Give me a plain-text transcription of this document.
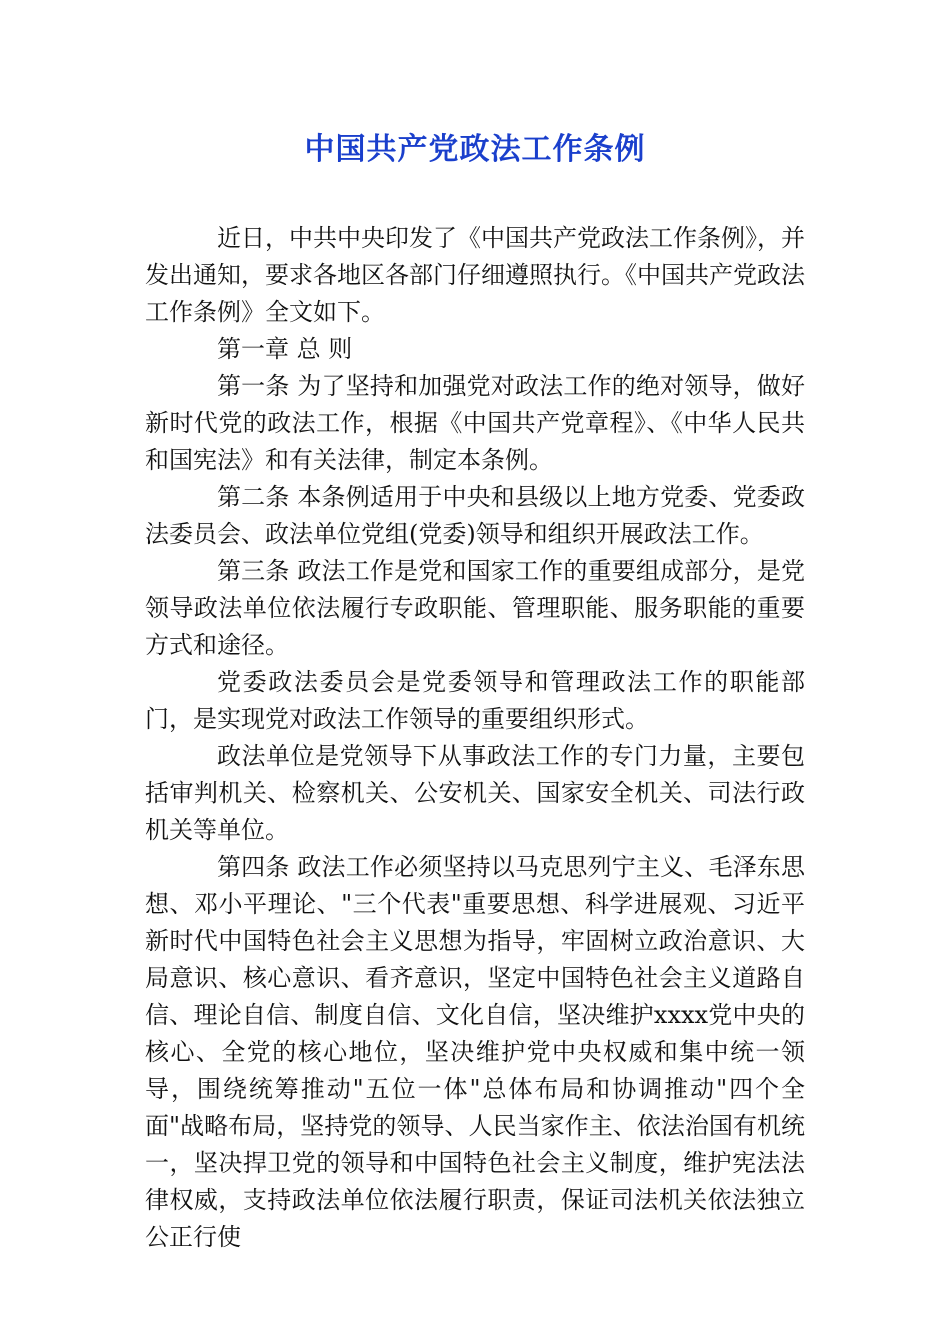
中国共产党政法工作条例

近日，中共中央印发了《中国共产党政法工作条例》，并发出通知，要求各地区各部门仔细遵照执行。《中国共产党政法工作条例》全文如下。

第一章 总 则

第一条 为了坚持和加强党对政法工作的绝对领导，做好新时代党的政法工作，根据《中国共产党章程》、《中华人民共和国宪法》和有关法律，制定本条例。

第二条 本条例适用于中央和县级以上地方党委、党委政法委员会、政法单位党组(党委)领导和组织开展政法工作。

第三条 政法工作是党和国家工作的重要组成部分，是党领导政法单位依法履行专政职能、管理职能、服务职能的重要方式和途径。

党委政法委员会是党委领导和管理政法工作的职能部门，是实现党对政法工作领导的重要组织形式。

政法单位是党领导下从事政法工作的专门力量，主要包括审判机关、检察机关、公安机关、国家安全机关、司法行政机关等单位。

第四条 政法工作必须坚持以马克思列宁主义、毛泽东思想、邓小平理论、"三个代表"重要思想、科学进展观、习近平新时代中国特色社会主义思想为指导，牢固树立政治意识、大局意识、核心意识、看齐意识，坚定中国特色社会主义道路自信、理论自信、制度自信、文化自信，坚决维护xxxx党中央的核心、全党的核心地位，坚决维护党中央权威和集中统一领导，围绕统筹推动"五位一体"总体布局和协调推动"四个全面"战略布局，坚持党的领导、人民当家作主、依法治国有机统一，坚决捍卫党的领导和中国特色社会主义制度，维护宪法法律权威，支持政法单位依法履行职责，保证司法机关依法独立公正行使
